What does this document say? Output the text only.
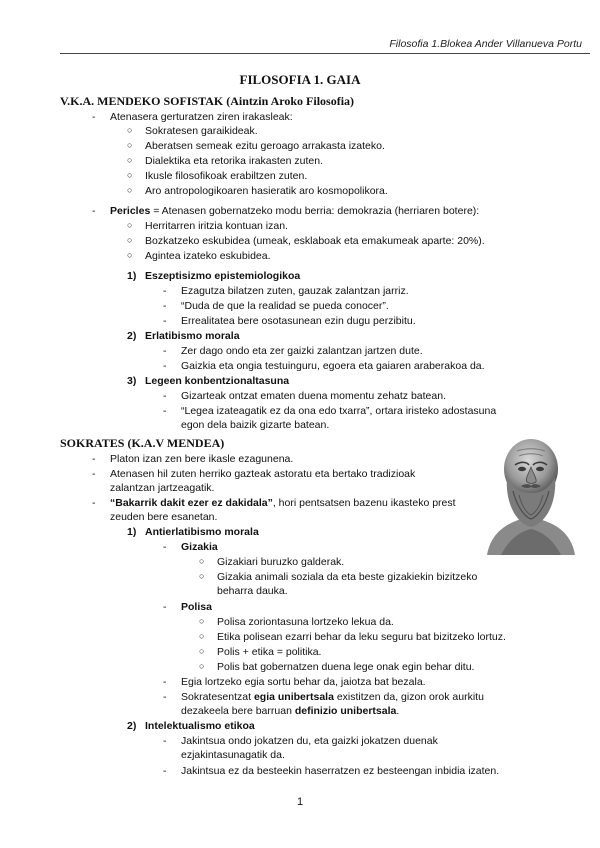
Filosofia 1.Blokea Ander Villanueva Portu
FILOSOFIA 1. GAIA
V.K.A. MENDEKO SOFISTAK (Aintzin Aroko Filosofia)
-	Atenasera gerturatzen ziren irakasleak:
○ Sokratesen garaikideak.
○ Aberatsen semeak ezitu geroago arrakasta izateko.
○ Dialektika eta retorika irakasten zuten.
○ Ikusle filosofikoak erabiltzen zuten.
○ Aro antropologikoaren hasieratik aro kosmopolikora.
-	Pericles = Atenasen gobernatzeko modu berria: demokrazia (herriaren botere):
○ Herritarren iritzia kontuan izan.
○ Bozkatzeko eskubidea (umeak, esklaboak eta emakumeak aparte: 20%).
○ Agintea izateko eskubidea.
1) Eszeptisizmo epistemiologikoa
-	Ezagutza bilatzen zuten, gauzak zalantzan jarriz.
-	“Duda de que la realidad se pueda conocer”.
-	Errealitatea bere osotasunean ezin dugu perzibitu.
2) Erlatibismo morala
-	Zer dago ondo eta zer gaizki zalantzan jartzen dute.
-	Gaizkia eta ongia testuinguru, egoera eta gaiaren araberakoa da.
3) Legeen konbentzionaltasuna
-	Gizarteak ontzat ematen duena momentu zehatz batean.
-	“Legea izateagatik ez da ona edo txarra”, ortara iristeko adostasuna
egon dela baizik gizarte batean.
SOKRATES (K.A.V MENDEA)
-	Platon izan zen bere ikasle ezagunena.
-	Atenasen hil zuten herriko gazteak astoratu eta bertako tradizioak
zalantzan jartzeagatik.
-	“Bakarrik dakit ezer ez dakidala”, hori pentsatsen bazenu ikasteko prest
zeuden bere esanetan.
1) Antierlatibismo morala
-	Gizakia
○ Gizakiari buruzko galderak.
○ Gizakia animali soziala da eta beste gizakiekin bizitzeko
beharra dauka.
-	Polisa
○ Polisa zoriontasuna lortzeko lekua da.
○ Etika polisean ezarri behar da leku seguru bat bizitzeko lortuz.
○ Polis + etika = politika.
○ Polis bat gobernatzen duena lege onak egin behar ditu.
-	Egia lortzeko egia sortu behar da, jaiotza bat bezala.
-	Sokratesentzat egia unibertsala existitzen da, gizon orok aurkitu
dezakeela bere barruan definizio unibertsala.
2) Intelektualismo etikoa
-	Jakintsua ondo jokatzen du, eta gaizki jokatzen duenak
ezjakintasunagatik da.
-	Jakintsua ez da besteekin haserratzen ez besteengan inbidia izaten.
1
